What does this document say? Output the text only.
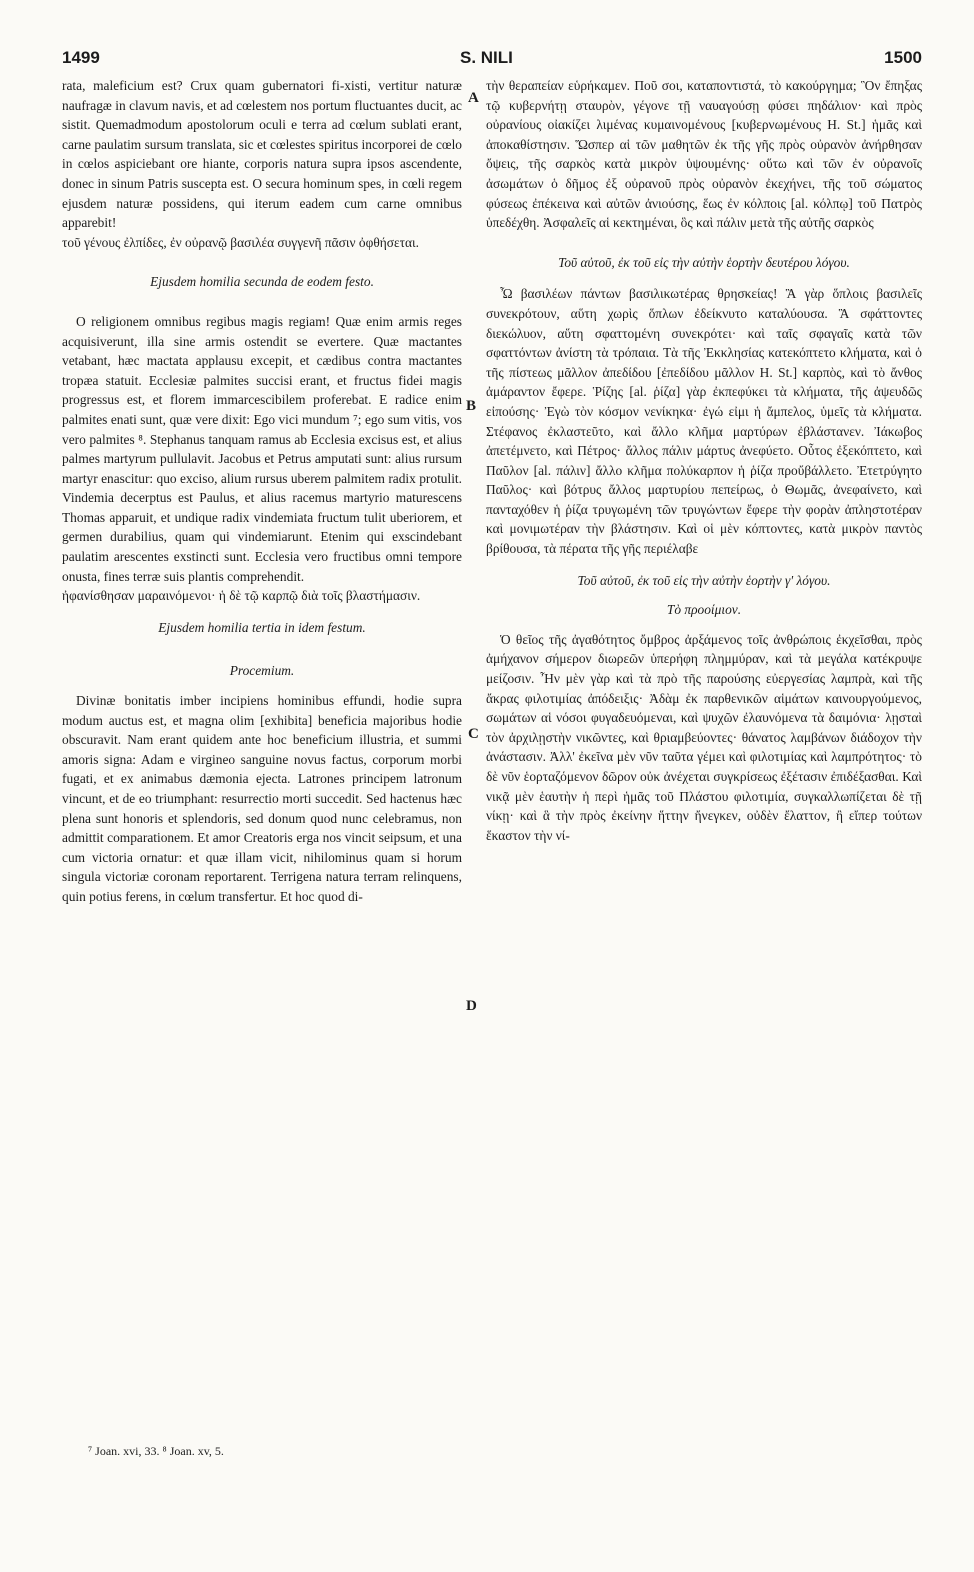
1499	S. NILI	1500
A
B
C
D

rata, maleficium est? Crux quam gubernatori fi-xisti, vertitur naturæ naufragæ in clavum navis, et ad cœlestem nos portum fluctuantes ducit, ac sistit. Quemadmodum apostolorum oculi e terra ad cœlum sublati erant, carne paulatim sursum translata, sic et cœlestes spiritus incorporei de cœlo in cœlos aspiciebant ore hiante, corporis natura supra ipsos ascendente, donec in sinum Patris suscepta est. O secura hominum spes, in cœli regem ejusdem naturæ possidens, qui iterum eadem cum carne omnibus apparebit!

τοῦ γένους ἐλπίδες, ἐν οὐρανῷ βασιλέα συγγενῆ πᾶσιν ὀφθήσεται.

Ejusdem homilia secunda de eodem festo.

O religionem omnibus regibus magis regiam! Quæ enim armis reges acquisiverunt, illa sine armis ostendit se evertere. Quæ mactantes vetabant, hæc mactata applausu excepit, et cædibus contra mactantes tropæa statuit. Ecclesiæ palmites succisi erant, et fructus fidei magis progressus est, et florem immarcescibilem proferebat. E radice enim palmites enati sunt, quæ vere dixit: Ego vici mundum ⁷; ego sum vitis, vos vero palmites ⁸. Stephanus tanquam ramus ab Ecclesia excisus est, et alius palmes martyrum pullulavit. Jacobus et Petrus amputati sunt: alius rursum martyr enascitur: quo exciso, alium rursus uberem palmitem radix protulit. Vindemia decerptus est Paulus, et alius racemus martyrio maturescens Thomas apparuit, et undique radix vindemiata fructum tulit uberiorem, et germen durabilius, quam qui vindemiarunt. Etenim qui exscindebant paulatim arescentes exstincti sunt. Ecclesia vero fructibus omni tempore onusta, fines terræ suis plantis comprehendit.

ἠφανίσθησαν μαραινόμενοι· ἡ δὲ τῷ καρπῷ διὰ τοῖς βλαστήμασιν.

Ejusdem homilia tertia in idem festum.

Procemium.

Divinæ bonitatis imber incipiens hominibus effundi, hodie supra modum auctus est, et magna olim [exhibita] beneficia majoribus hodie obscuravit. Nam erant quidem ante hoc beneficium illustria, et summi amoris signa: Adam e virgineo sanguine novus factus, corporum morbi fugati, et ex animabus dæmonia ejecta. Latrones principem latronum vincunt, et de eo triumphant: resurrectio morti succedit. Sed hactenus hæc plena sunt honoris et splendoris, sed donum quod nunc celebramus, non admittit comparationem. Et amor Creatoris erga nos vincit seipsum, et una cum victoria ornatur: et quæ illam vicit, nihilominus quam si horum singula victoriæ coronam reportarent. Terrigena natura terram relinquens, quin potius ferens, in cœlum transfertur. Et hoc quod di-

τὴν θεραπείαν εὑρήκαμεν. Ποῦ σοι, καταποντιστά, τὸ κακούργημα; Ὃν ἔπηξας τῷ κυβερνήτῃ σταυρὸν, γέγονε τῇ ναυαγούσῃ φύσει πηδάλιον· καὶ πρὸς οὐρανίους οἰακίζει λιμένας κυμαινομένους [κυβερνωμένους Η. St.] ἡμᾶς καὶ ἀποκαθίστησιν. Ὥσπερ αἱ τῶν μαθητῶν ἐκ τῆς γῆς πρὸς οὐρανὸν ἀνήρθησαν ὄψεις, τῆς σαρκὸς κατὰ μικρὸν ὑψουμένης· οὕτω καὶ τῶν ἐν οὐρανοῖς ἀσωμάτων ὁ δῆμος ἐξ οὐρανοῦ πρὸς οὐρανὸν ἐκεχήνει, τῆς τοῦ σώματος φύσεως ἐπέκεινα καὶ αὐτῶν ἀνιούσης, ἕως ἐν κόλποις [al. κόλπῳ] τοῦ Πατρὸς ὑπεδέχθη. Ἀσφαλεῖς αἱ κεκτημέναι, ὃς καὶ πάλιν μετὰ τῆς αὐτῆς σαρκὸς

Τοῦ αὐτοῦ, ἐκ τοῦ εἰς τὴν αὐτὴν ἑορτὴν δευτέρου λόγου.

Ὦ βασιλέων πάντων βασιλικωτέρας θρησκείας! Ἃ γὰρ ὅπλοις βασιλεῖς συνεκρότουν, αὕτη χωρὶς ὅπλων ἐδείκνυτο καταλύουσα. Ἃ σφάττοντες διεκώλυον, αὕτη σφαττομένη συνεκρότει· καὶ ταῖς σφαγαῖς κατὰ τῶν σφαττόντων ἀνίστη τὰ τρόπαια. Τὰ τῆς Ἐκκλησίας κατεκόπτετο κλήματα, καὶ ὁ τῆς πίστεως μᾶλλον ἀπεδίδου [ἐπεδίδου μᾶλλον Η. St.] καρπὸς, καὶ τὸ ἄνθος ἀμάραντον ἔφερε. Ῥίζης [al. ῥίζα] γὰρ ἐκπεφύκει τὰ κλήματα, τῆς ἀψευδῶς εἰπούσης· Ἐγὼ τὸν κόσμον νενίκηκα· ἐγώ εἰμι ἡ ἄμπελος, ὑμεῖς τὰ κλήματα. Στέφανος ἐκλαστεῦτο, καὶ ἄλλο κλῆμα μαρτύρων ἐβλάστανεν. Ἰάκωβος ἀπετέμνετο, καὶ Πέτρος· ἄλλος πάλιν μάρτυς ἀνεφύετο. Οὗτος ἐξεκόπτετο, καὶ Παῦλον [al. πάλιν] ἄλλο κλῆμα πολύκαρπον ἡ ῥίζα προὔβάλλετο. Ἐτετρύγητο Παῦλος· καὶ βότρυς ἄλλος μαρτυρίου πεπείρως, ὁ Θωμᾶς, ἀνεφαίνετο, καὶ πανταχόθεν ἡ ῥίζα τρυγωμένη τῶν τρυγώντων ἔφερε τὴν φορὰν ἀπληστοτέραν καὶ μονιμωτέραν τὴν βλάστησιν. Καὶ οἱ μὲν κόπτοντες, κατὰ μικρὸν παντὸς βρίθουσα, τὰ πέρατα τῆς γῆς περιέλαβε

Τοῦ αὐτοῦ, ἐκ τοῦ εἰς τὴν αὐτὴν ἑορτὴν γ' λόγου.

Τὸ προοίμιον.

Ὁ θεῖος τῆς ἀγαθότητος ὄμβρος ἀρξάμενος τοῖς ἀνθρώποις ἐκχεῖσθαι, πρὸς ἀμήχανον σήμερον διωρεῶν ὑπερήφη πλημμύραν, καὶ τὰ μεγάλα κατέκρυψε μείζοσιν. Ἦν μὲν γὰρ καὶ τὰ πρὸ τῆς παρούσης εὐεργεσίας λαμπρὰ, καὶ τῆς ἄκρας φιλοτιμίας ἀπόδειξις· Ἀδὰμ ἐκ παρθενικῶν αἱμάτων καινουργούμενος, σωμάτων αἱ νόσοι φυγαδευόμεναι, καὶ ψυχῶν ἐλαυνόμενα τὰ δαιμόνια· λῃσταὶ τὸν ἀρχιλῃστὴν νικῶντες, καὶ θριαμβεύοντες· θάνατος λαμβάνων διάδοχον τὴν ἀνάστασιν. Ἀλλ' ἐκεῖνα μὲν νῦν ταῦτα γέμει καὶ φιλοτιμίας καὶ λαμπρότητος· τὸ δὲ νῦν ἑορταζόμενον δῶρον οὐκ ἀνέχεται συγκρίσεως ἐξέτασιν ἐπιδέξασθαι. Καὶ νικᾷ μὲν ἑαυτὴν ἡ περὶ ἡμᾶς τοῦ Πλάστου φιλοτιμία, συγκαλλωπίζεται δὲ τῇ νίκῃ· καὶ ἃ τὴν πρὸς ἐκείνην ἥττην ἤνεγκεν, οὐδὲν ἔλαττον, ἢ εἴπερ τούτων ἕκαστον τὴν νί-

⁷ Joan. xvi, 33. ⁸ Joan. xv, 5.
